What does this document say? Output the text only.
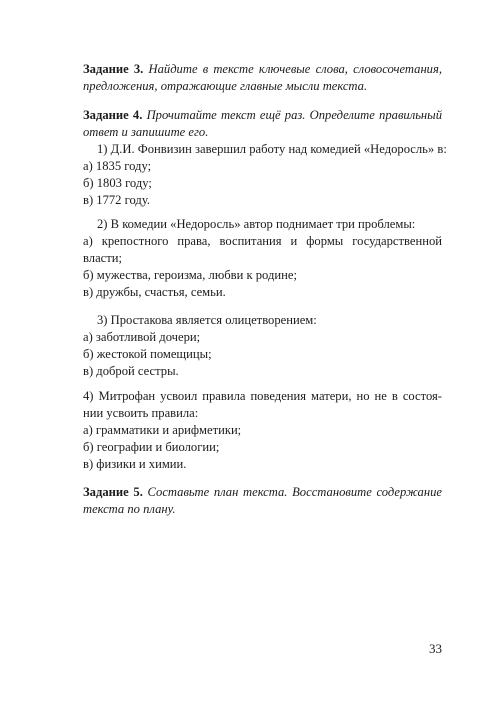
Задание 3. Найдите в тексте ключевые слова, словосочетания, предложения, отражающие главные мысли текста.

Задание 4. Прочитайте текст ещё раз. Определите правильный ответ и запишите его.

1) Д.И. Фонвизин завершил работу над комедией «Недоросль» в:

а) 1835 году;

б) 1803 году;

в) 1772 году.

2) В комедии «Недоросль» автор поднимает три проблемы:

а) крепостного права, воспитания и формы государственной власти;

б) мужества, героизма, любви к родине;

в) дружбы, счастья, семьи.

3) Простакова является олицетворением:

а) заботливой дочери;

б) жестокой помещицы;

в) доброй сестры.

4) Митрофан усвоил правила поведения матери, но не в состоя-

нии усвоить правила:

а) грамматики и арифметики;

б) географии и биологии;

в) физики и химии.

Задание 5. Составьте план текста. Восстановите содержание текста по плану.

33
